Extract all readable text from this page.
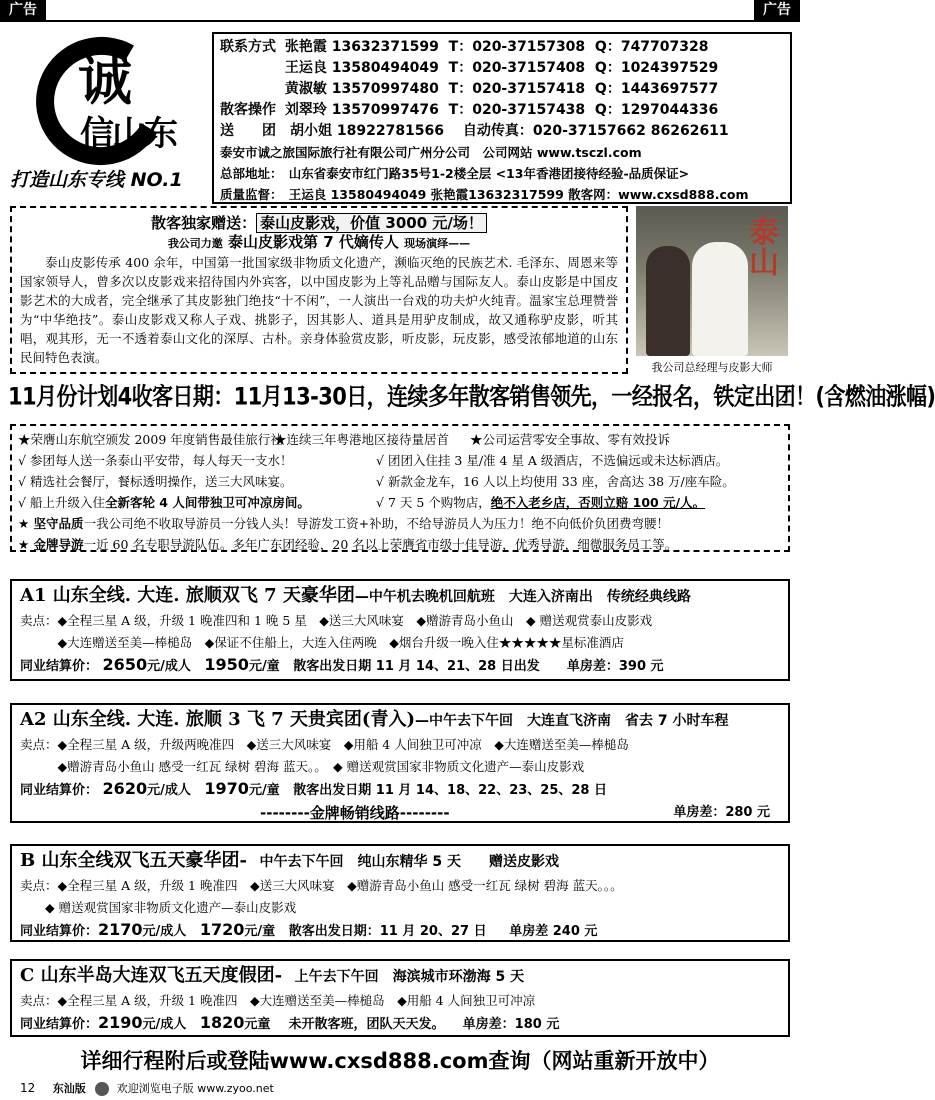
广告	广告
诚
信山东
打造山东专线 NO.1
联系方式 张艳霞 13632371599 T：020-37157308 Q：747707328
王运良 13580494049 T：020-37157408 Q：1024397529
黄淑敏 13570997480 T：020-37157418 Q：1443697577
散客操作 刘翠玲 13570997476 T：020-37157438 Q：1297044336
送　　团　胡小姐 18922781566　 自动传真：020-37157662 86262611
泰安市诚之旅国际旅行社有限公司广州分公司　公司网站 www.tsczl.com
总部地址：　山东省泰安市红门路35号1-2楼全层 <13年香港团接待经验-品质保证>
质量监督：　王运良 13580494049 张艳霞13632317599 散客网：www.cxsd888.com
散客独家赠送： 泰山皮影戏，价值 3000 元/场！
我公司力邀 泰山皮影戏第 7 代嫡传人 现场演绎——

泰山皮影传承 400 余年，中国第一批国家级非物质文化遗产，濒临灭绝的民族艺术. 毛泽东、周恩来等国家领导人，曾多次以皮影戏来招待国内外宾客，以中国皮影为上等礼品赠与国际友人。泰山皮影是中国皮影艺术的大成者，完全继承了其皮影独门绝技“十不闲”，一人演出一台戏的功夫炉火纯青。温家宝总理赞誉为“中华绝技”。泰山皮影戏又称人子戏、挑影子，因其影人、道具是用驴皮制成，故又通称驴皮影，听其唱，观其形，无一不透着泰山文化的深厚、古朴。亲身体验赏皮影，听皮影，玩皮影，感受浓郁地道的山东民间特色表演。

泰山
我公司总经理与皮影大师
11月份计划4收客日期：11月13-30日，连续多年散客销售领先，一经报名，铁定出团！(含燃油涨幅)
★荣膺山东航空颁发 2009 年度销售最佳旅行社★连续三年粤港地区接待量居首 ★公司运营零安全事故、零有效投诉
√ 参团每人送一条泰山平安带，每人每天一支水！	√ 团团入住挂 3 星/准 4 星 A 级酒店，不选偏远或未达标酒店。
√ 精选社会餐厅，餐标透明操作，送三大风味宴。	√ 新款金龙车，16 人以上均使用 33 座，舍高达 38 万/座车险。
√ 船上升级入住全新客轮 4 人间带独卫可冲凉房间。	√ 7 天 5 个购物店，绝不入老乡店，否则立赔 100 元/人。
★ 坚守品质一我公司绝不收取导游员一分钱人头！导游发工资+补助，不给导游员人为压力！绝不向低价负团费弯腰！
★ 金牌导游一近 60 名专职导游队伍。多年广东团经验，20 名以上荣膺省市级十佳导游，优秀导游，细微服务员工等。
A1 山东全线. 大连. 旅顺双飞 7 天豪华团—中午机去晚机回航班　大连入济南出　传统经典线路
卖点：◆全程三星 A 级，升级 1 晚准四和 1 晚 5 星　◆送三大风味宴　◆赠游青岛小鱼山　◆ 赠送观赏泰山皮影戏
　　　◆大连赠送至美—棒槌岛　◆保证不住船上，大连入住两晚　◆烟台升级一晚入住★★★★★星标准酒店
同业结算价： 2650元/成人 1950元/童 散客出发日期 11 月 14、21、28 日出发 单房差：390 元
A2 山东全线. 大连. 旅顺 3 飞 7 天贵宾团(青入)—中午去下午回　大连直飞济南　省去 7 小时车程
卖点：◆全程三星 A 级，升级两晚准四　◆送三大风味宴　◆用船 4 人间独卫可冲凉　◆大连赠送至美—棒槌岛
　　　◆赠游青岛小鱼山 感受一红瓦 绿树 碧海 蓝天。。　◆ 赠送观赏国家非物质文化遗产—泰山皮影戏
同业结算价： 2620元/成人 1970元/童 散客出发日期 11 月 14、18、22、23、25、28 日
--------金牌畅销线路--------	单房差：280 元
B 山东全线双飞五天豪华团- 中午去下午回　纯山东精华 5 天　　赠送皮影戏
卖点：◆全程三星 A 级，升级 1 晚准四　◆送三大风味宴　◆赠游青岛小鱼山 感受一红瓦 绿树 碧海 蓝天。。。
　　◆ 赠送观赏国家非物质文化遗产—泰山皮影戏
同业结算价：2170元/成人 1720元/童 散客出发日期：11 月 20、27 日 单房差 240 元
C 山东半岛大连双飞五天度假团- 上午去下午回　海滨城市环渤海 5 天
卖点：◆全程三星 A 级，升级 1 晚准四　◆大连赠送至美—棒槌岛　◆用船 4 人间独卫可冲凉
同业结算价：2190元/成人 1820元童 未开散客班，团队天天发。 单房差：180 元
详细行程附后或登陆www.cxsd888.com查询（网站重新开放中）
12 东汕版	欢迎浏览电子版 www.zyoo.net
